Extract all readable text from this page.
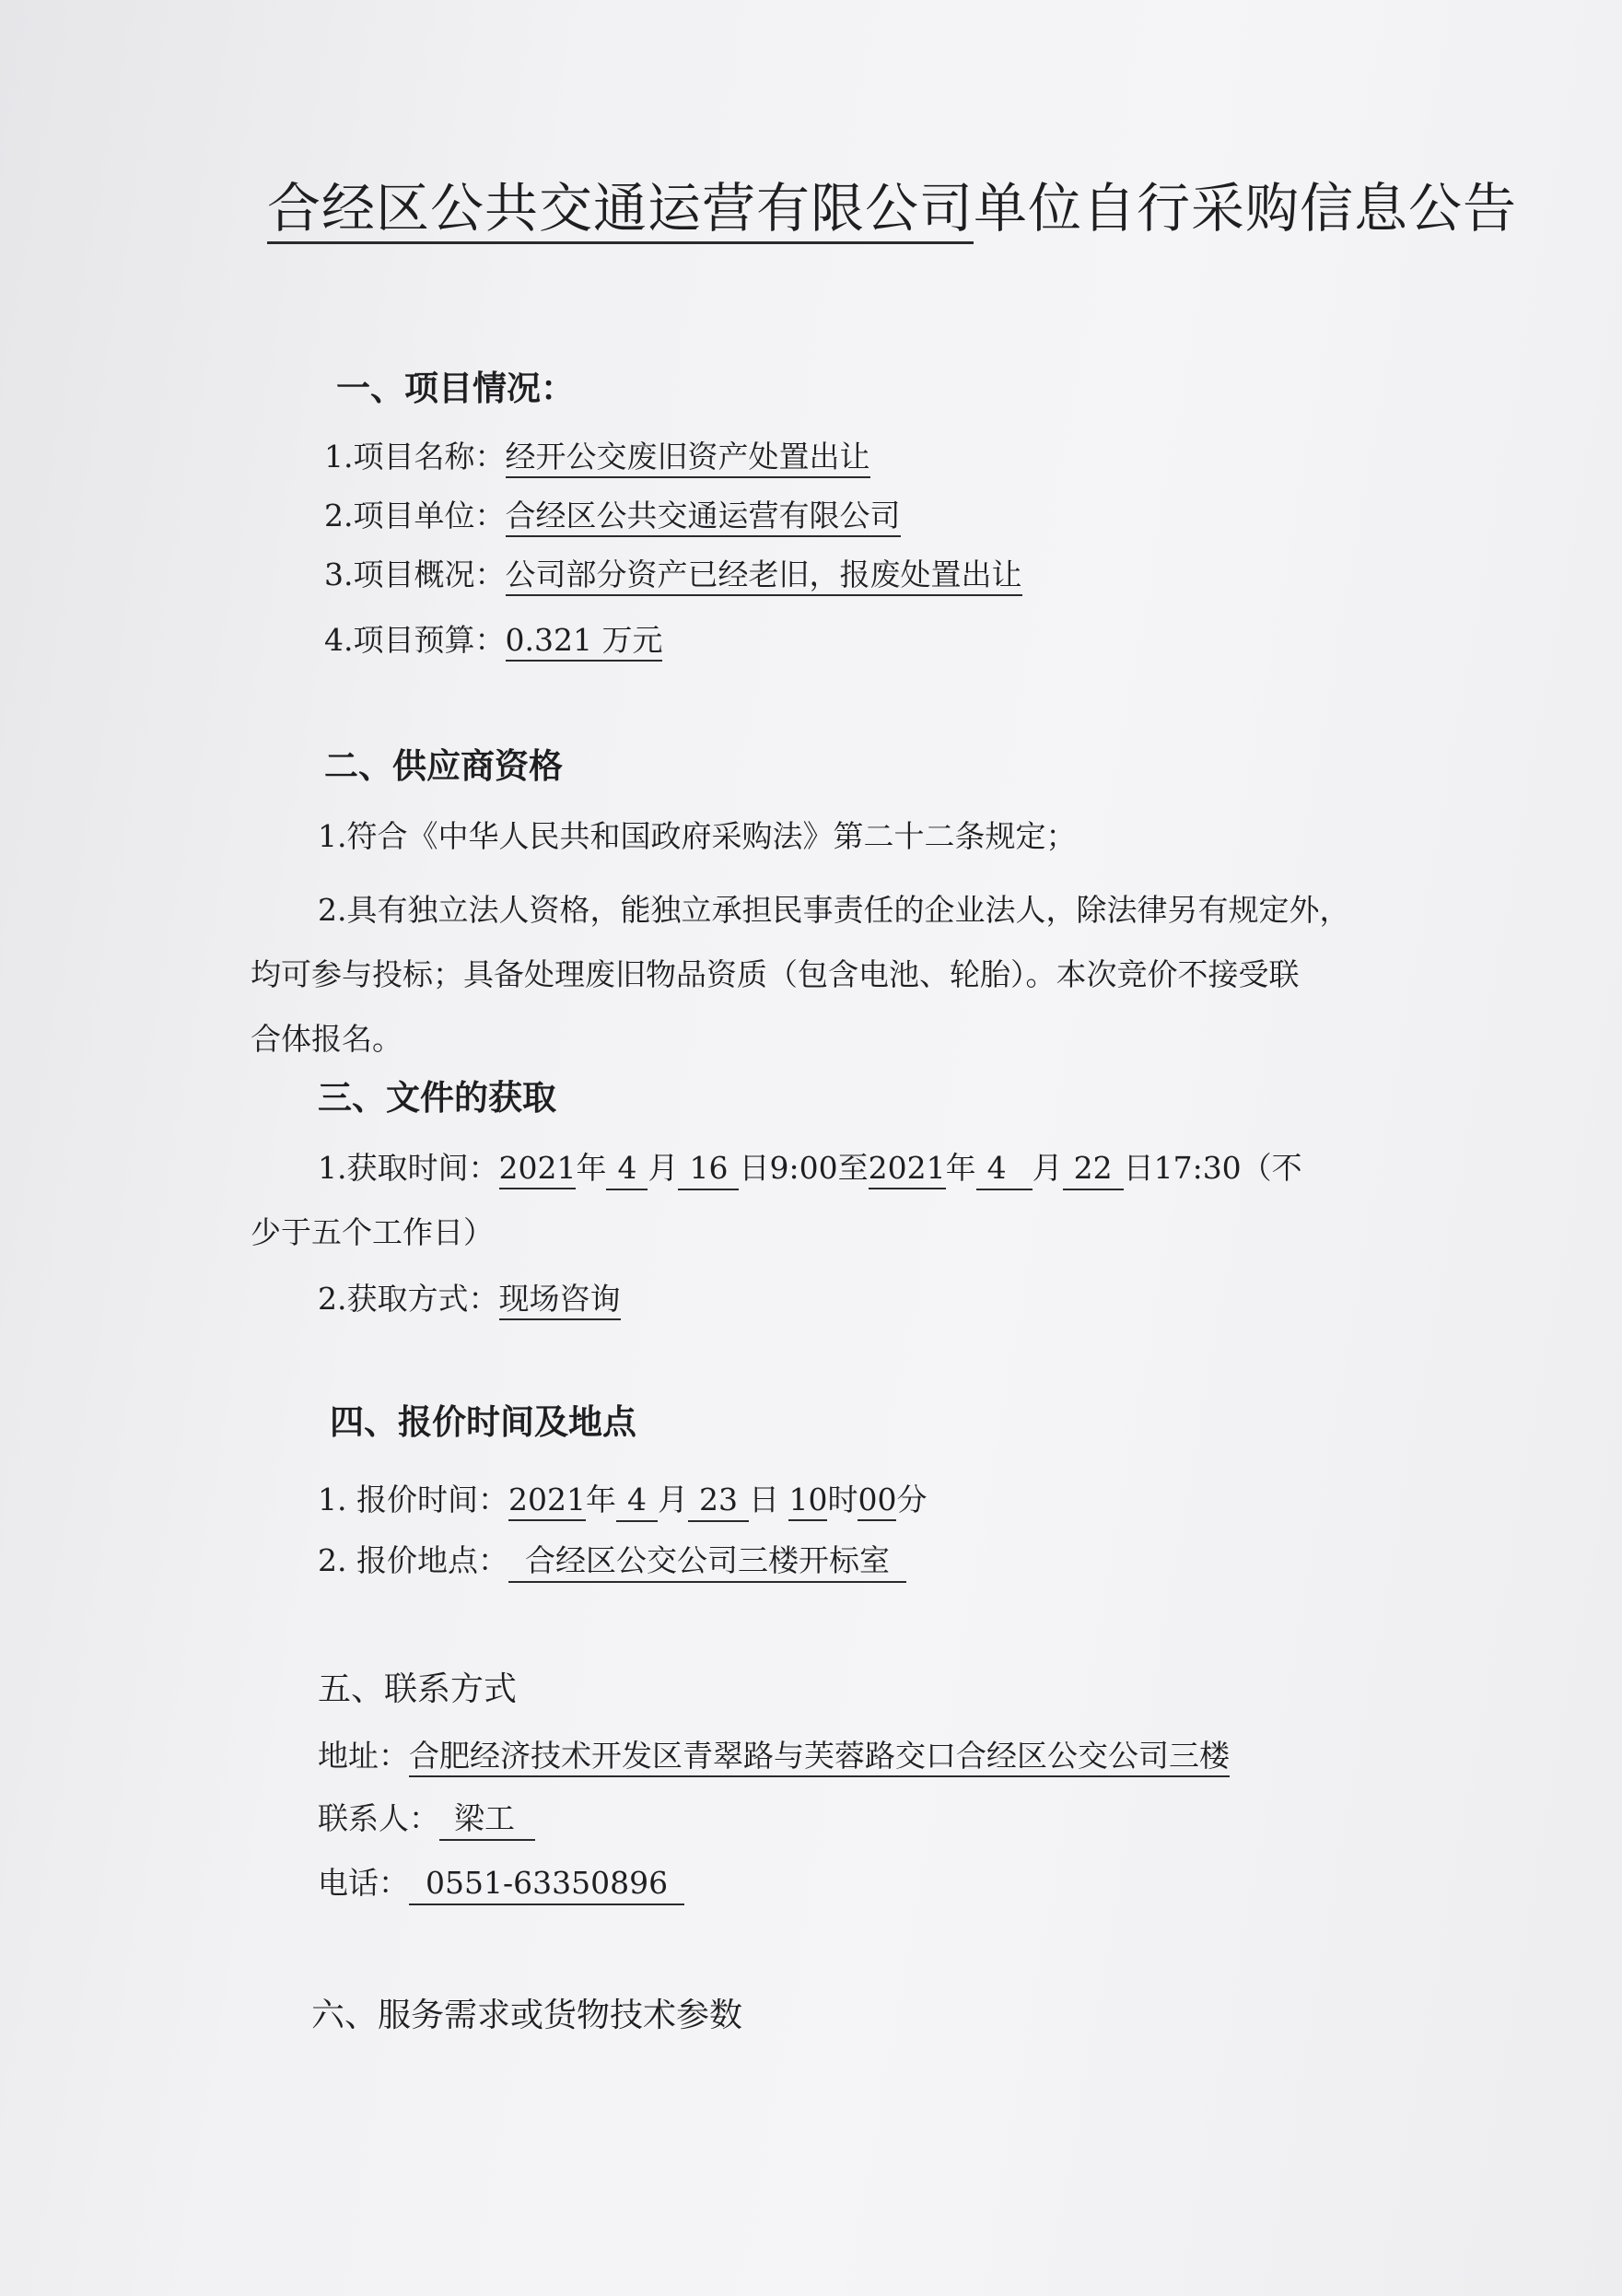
合经区公共交通运营有限公司单位自行采购信息公告
一、项目情况：
1.项目名称：经开公交废旧资产处置出让
2.项目单位：合经区公共交通运营有限公司
3.项目概况：公司部分资产已经老旧，报废处置出让
4.项目预算：0.321 万元
二、供应商资格
1.符合《中华人民共和国政府采购法》第二十二条规定；
2.具有独立法人资格，能独立承担民事责任的企业法人，除法律另有规定外，
均可参与投标；具备处理废旧物品资质（包含电池、轮胎）。本次竞价不接受联
合体报名。
三、文件的获取
1.获取时间：2021年 4 月 16 日9:00至2021年 4 月 22 日17:30（不
少于五个工作日）
2.获取方式：现场咨询
四、报价时间及地点
1. 报价时间：2021年 4 月 23 日 10时00分
2. 报价地点： 合经区公交公司三楼开标室
五、联系方式
地址：合肥经济技术开发区青翠路与芙蓉路交口合经区公交公司三楼
联系人： 梁工
电话： 0551-63350896
六、服务需求或货物技术参数
